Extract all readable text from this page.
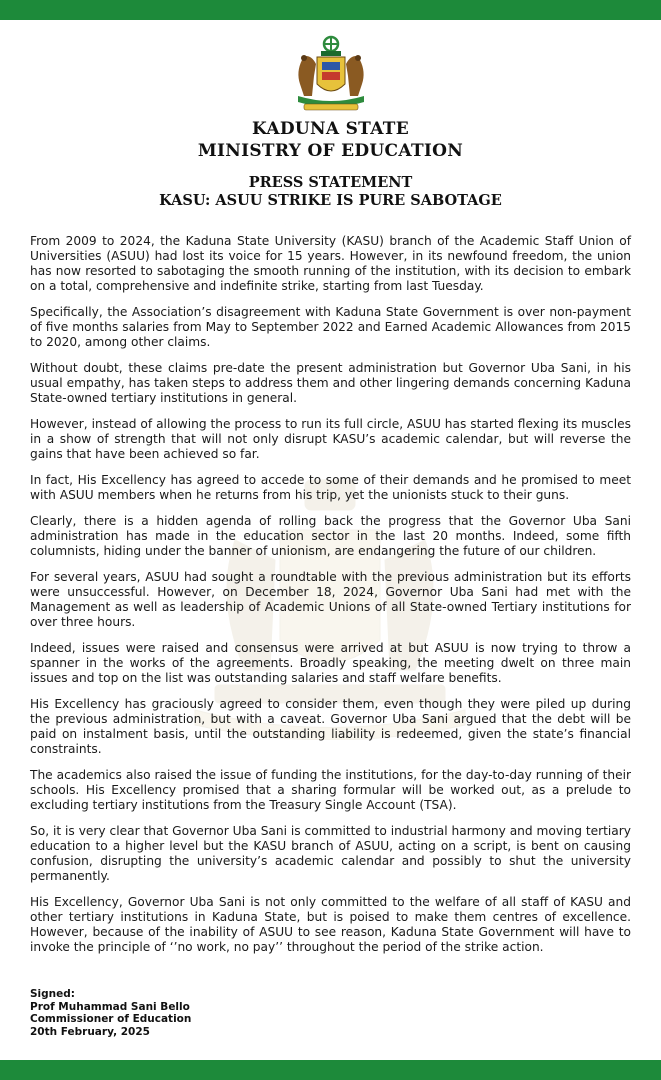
KADUNA STATE
MINISTRY OF EDUCATION
PRESS STATEMENT
KASU: ASUU STRIKE IS PURE SABOTAGE

From 2009 to 2024, the Kaduna State University (KASU) branch of the Academic Staff Union of Universities (ASUU) had lost its voice for 15 years. However, in its newfound freedom, the union has now resorted to sabotaging the smooth running of the institution, with its decision to embark on a total, comprehensive and indefinite strike, starting from last Tuesday.

Specifically, the Association’s disagreement with Kaduna State Government is over non-payment of five months salaries from May to September 2022 and Earned Academic Allowances from 2015 to 2020, among other claims.

Without doubt, these claims pre-date the present administration but Governor Uba Sani, in his usual empathy, has taken steps to address them and other lingering demands concerning Kaduna State-owned tertiary institutions in general.

However, instead of allowing the process to run its full circle, ASUU has started flexing its muscles in a show of strength that will not only disrupt KASU’s academic calendar, but will reverse the gains that have been achieved so far.

In fact, His Excellency has agreed to accede to some of their demands and he promised to meet with ASUU members when he returns from his trip, yet the unionists stuck to their guns.

Clearly, there is a hidden agenda of rolling back the progress that the Governor Uba Sani administration has made in the education sector in the last 20 months. Indeed, some fifth columnists, hiding under the banner of unionism, are endangering the future of our children.

For several years, ASUU had sought a roundtable with the previous administration but its efforts were unsuccessful. However, on December 18, 2024, Governor Uba Sani had met with the Management as well as leadership of Academic Unions of all State-owned Tertiary institutions for over three hours.

Indeed, issues were raised and consensus were arrived at but ASUU is now trying to throw a spanner in the works of the agreements. Broadly speaking, the meeting dwelt on three main issues and top on the list was outstanding salaries and staff welfare benefits.

His Excellency has graciously agreed to consider them, even though they were piled up during the previous administration, but with a caveat. Governor Uba Sani argued that the debt will be paid on instalment basis, until the outstanding liability is redeemed, given the state’s financial constraints.

The academics also raised the issue of funding the institutions, for the day-to-day running of their schools. His Excellency promised that a sharing formular will be worked out, as a prelude to excluding tertiary institutions from the Treasury Single Account (TSA).

So, it is very clear that Governor Uba Sani is committed to industrial harmony and moving tertiary education to a higher level but the KASU branch of ASUU, acting on a script, is bent on causing confusion, disrupting the university’s academic calendar and possibly to shut the university permanently.

His Excellency, Governor Uba Sani is not only committed to the welfare of all staff of KASU and other tertiary institutions in Kaduna State, but is poised to make them centres of excellence. However, because of the inability of ASUU to see reason, Kaduna State Government will have to invoke the principle of ‘’no work, no pay’’ throughout the period of the strike action.

Signed:
Prof Muhammad Sani Bello
Commissioner of Education
20th February, 2025
